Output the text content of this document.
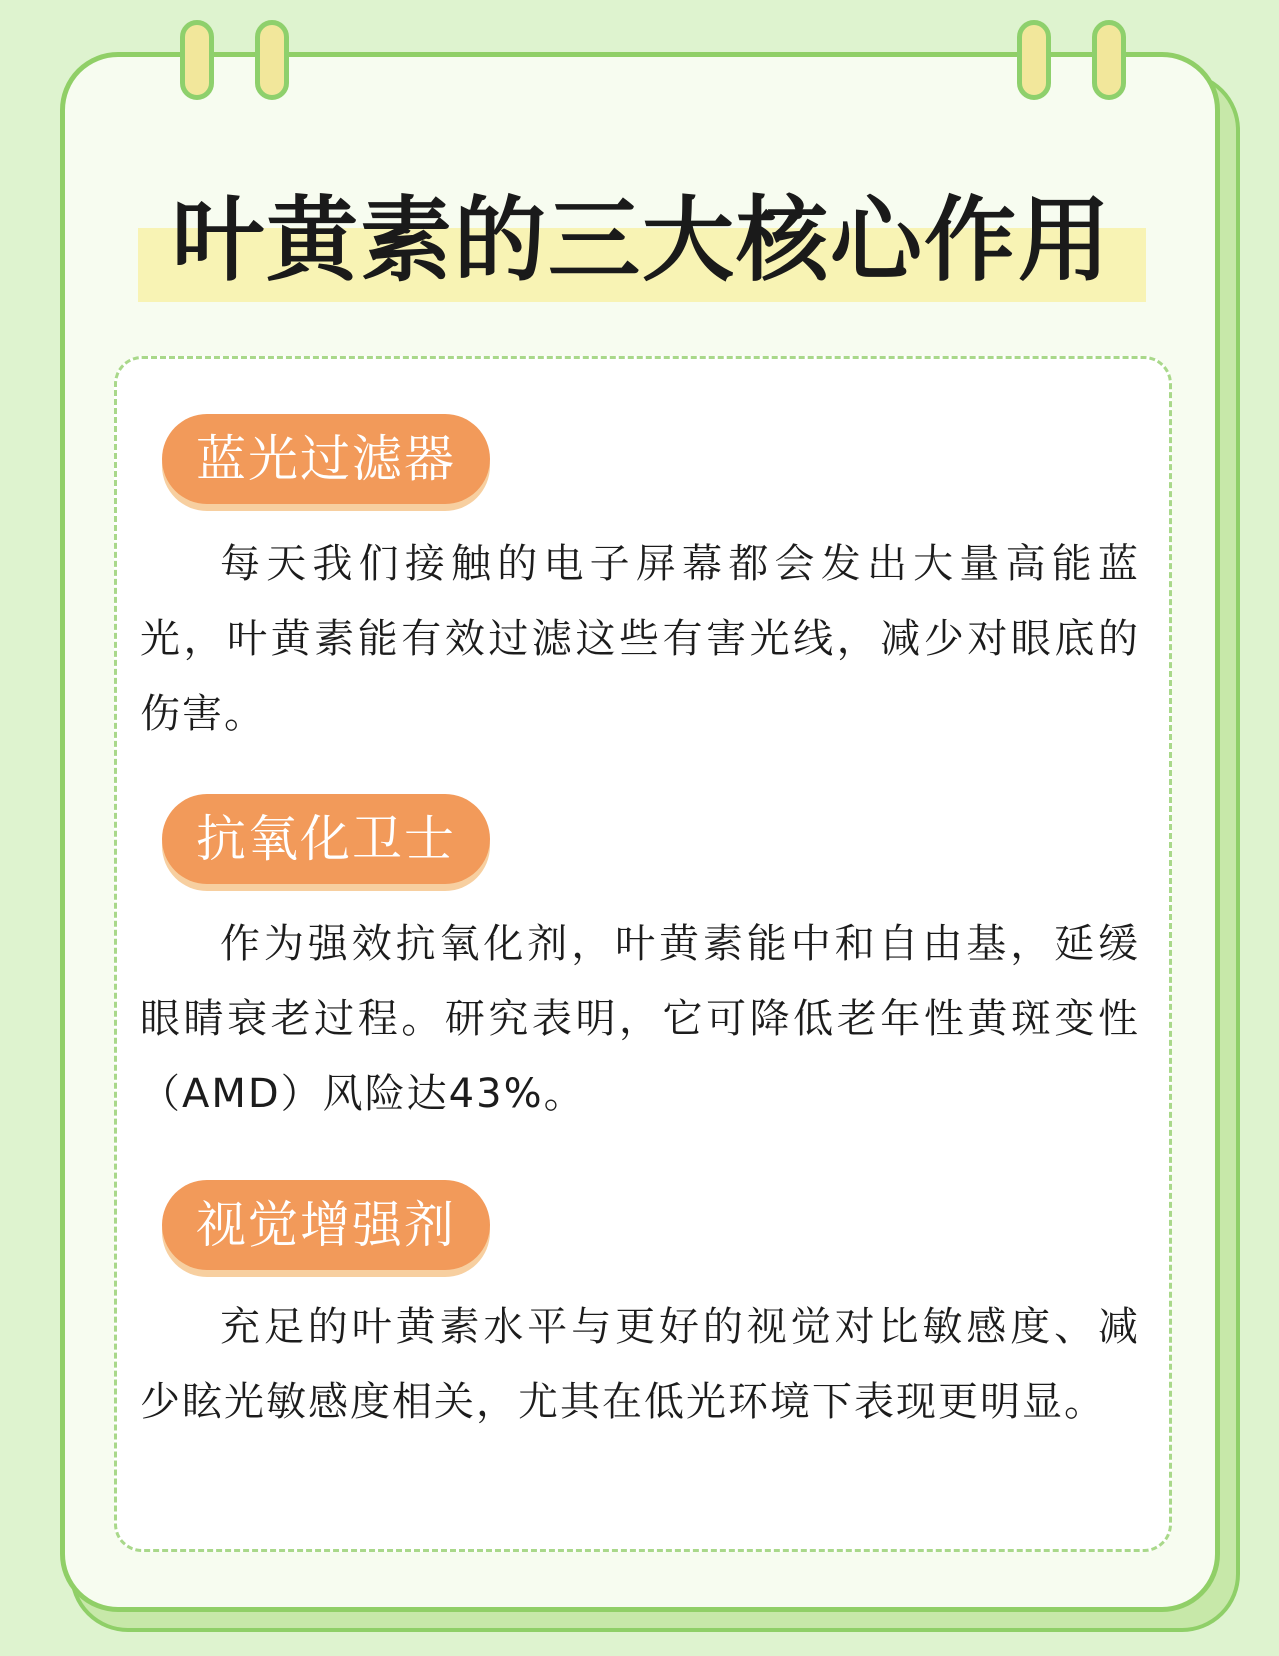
叶黄素的三大核心作用
蓝光过滤器
每天我们接触的电子屏幕都会发出大量高能蓝光，叶黄素能有效过滤这些有害光线，减少对眼底的伤害。
抗氧化卫士
作为强效抗氧化剂，叶黄素能中和自由基，延缓眼睛衰老过程。研究表明，它可降低老年性黄斑变性（AMD）风险达43%。
视觉增强剂
充足的叶黄素水平与更好的视觉对比敏感度、减少眩光敏感度相关，尤其在低光环境下表现更明显。
